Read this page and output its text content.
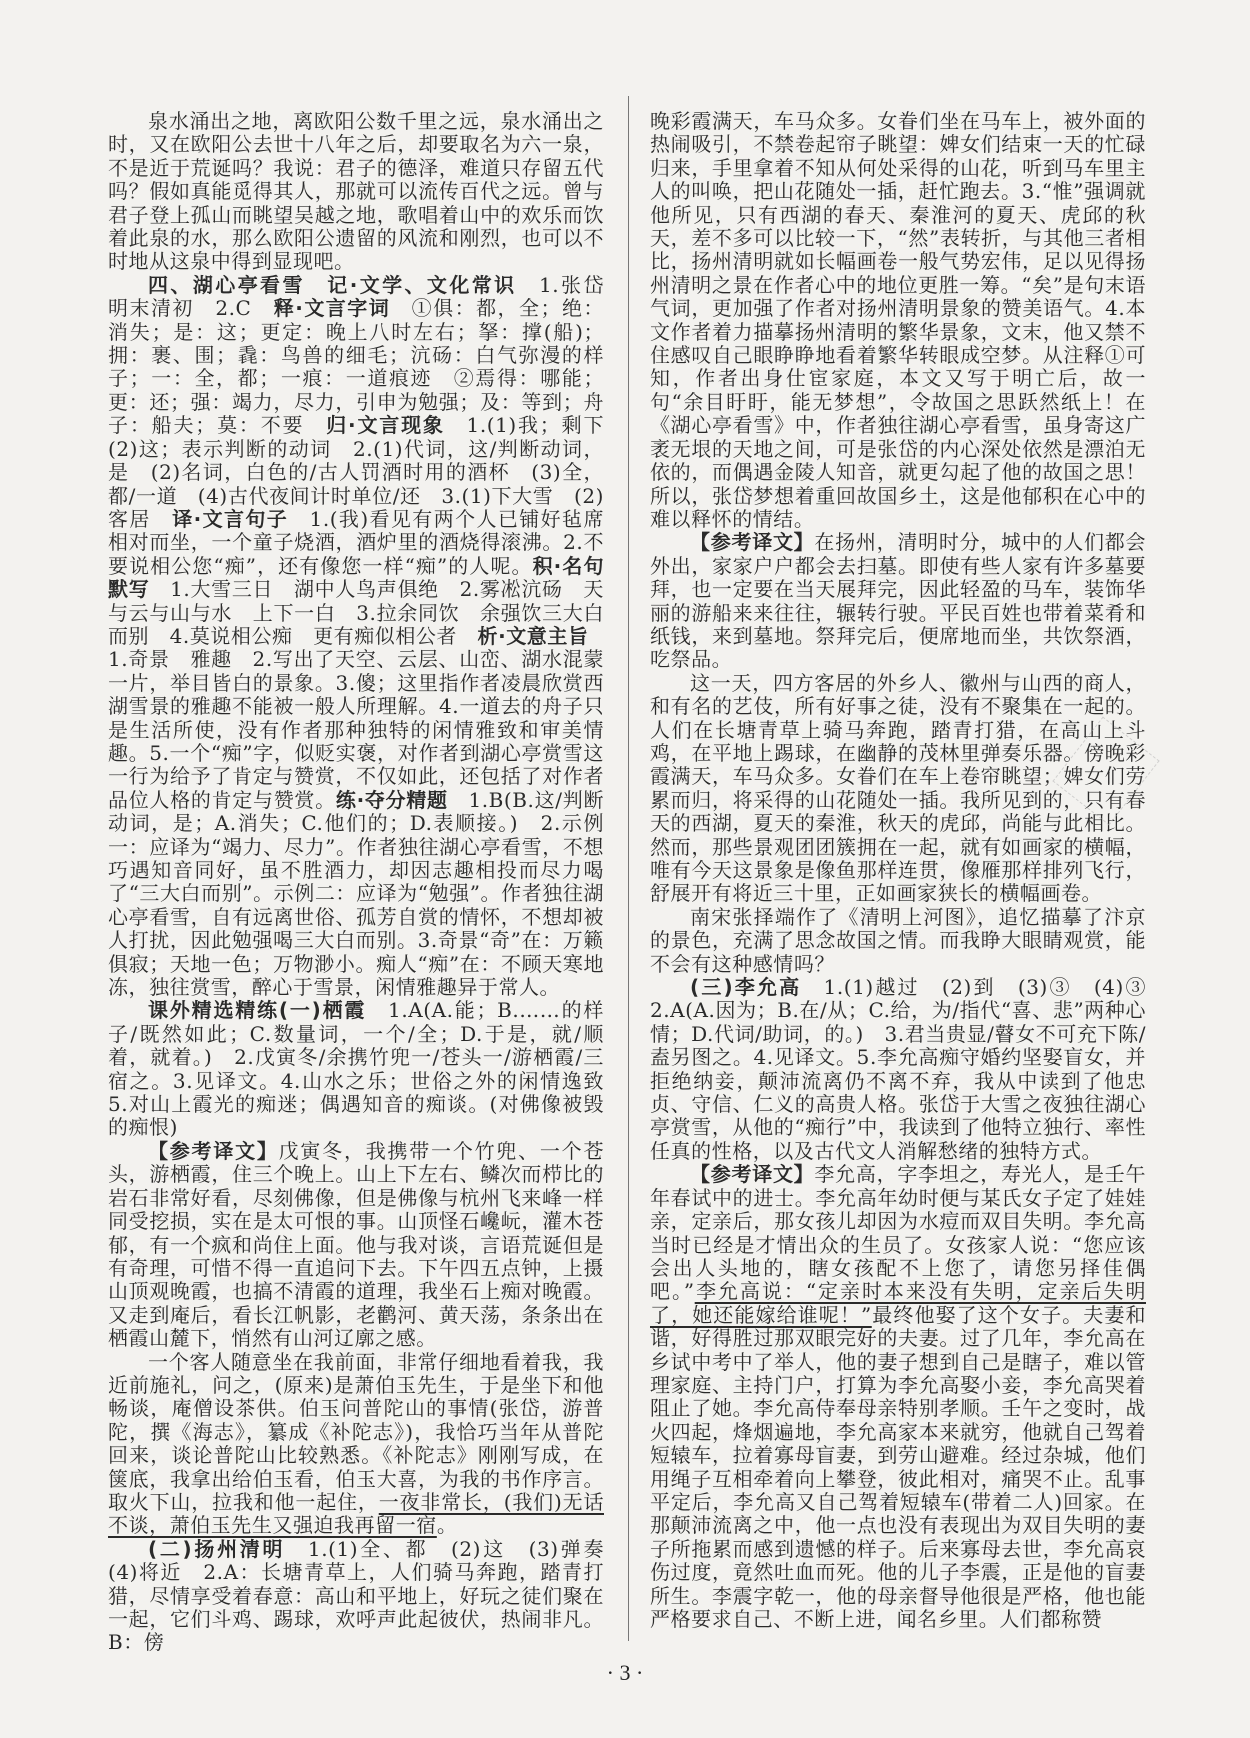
泉水涌出之地，离欧阳公数千里之远，泉水涌出之时，又在欧阳公去世十八年之后，却要取名为六一泉，不是近于荒诞吗？我说：君子的德泽，难道只存留五代吗？假如真能觅得其人，那就可以流传百代之远。曾与君子登上孤山而眺望吴越之地，歌唱着山中的欢乐而饮着此泉的水，那么欧阳公遗留的风流和刚烈，也可以不时地从这泉中得到显现吧。

四、湖心亭看雪　记·文学、文化常识　1.张岱　明末清初　2.C　释·文言字词　①俱：都，全；绝：消失；是：这；更定：晚上八时左右；拏：撑(船)；拥：裹、围；毳：鸟兽的细毛；沆砀：白气弥漫的样子；一：全，都；一痕：一道痕迹　②焉得：哪能；更：还；强：竭力，尽力，引申为勉强；及：等到；舟子：船夫；莫：不要　归·文言现象　1.(1)我；剩下　(2)这；表示判断的动词　2.(1)代词，这/判断动词，是　(2)名词，白色的/古人罚酒时用的酒杯　(3)全，都/一道　(4)古代夜间计时单位/还　3.(1)下大雪　(2)客居　译·文言句子　1.(我)看见有两个人已铺好毡席相对而坐，一个童子烧酒，酒炉里的酒烧得滚沸。2.不要说相公您“痴”，还有像您一样“痴”的人呢。积·名句默写　1.大雪三日　湖中人鸟声俱绝　2.雾凇沆砀　天与云与山与水　上下一白　3.拉余同饮　余强饮三大白而别　4.莫说相公痴　更有痴似相公者　析·文意主旨　1.奇景　雅趣　2.写出了天空、云层、山峦、湖水混蒙一片，举目皆白的景象。3.傻；这里指作者凌晨欣赏西湖雪景的雅趣不能被一般人所理解。4.一道去的舟子只是生活所使，没有作者那种独特的闲情雅致和审美情趣。5.一个“痴”字，似贬实褒，对作者到湖心亭赏雪这一行为给予了肯定与赞赏，不仅如此，还包括了对作者品位人格的肯定与赞赏。练·夺分精题　1.B(B.这/判断动词，是；A.消失；C.他们的；D.表顺接。)　2.示例一：应译为“竭力、尽力”。作者独往湖心亭看雪，不想巧遇知音同好，虽不胜酒力，却因志趣相投而尽力喝了“三大白而别”。示例二：应译为“勉强”。作者独往湖心亭看雪，自有远离世俗、孤芳自赏的情怀，不想却被人打扰，因此勉强喝三大白而别。3.奇景“奇”在：万籁俱寂；天地一色；万物渺小。痴人“痴”在：不顾天寒地冻，独往赏雪，醉心于雪景，闲情雅趣异于常人。

课外精选精练(一)栖霞　1.A(A.能；B.……的样子/既然如此；C.数量词，一个/全；D.于是，就/顺着，就着。)　2.戊寅冬/余携竹兜一/苍头一/游栖霞/三宿之。3.见译文。4.山水之乐；世俗之外的闲情逸致　5.对山上霞光的痴迷；偶遇知音的痴谈。(对佛像被毁的痴恨)

【参考译文】戊寅冬，我携带一个竹兜、一个苍头，游栖霞，住三个晚上。山上下左右、鳞次而栉比的岩石非常好看，尽刻佛像，但是佛像与杭州飞来峰一样同受挖损，实在是太可恨的事。山顶怪石巉岏，灌木苍郁，有一个疯和尚住上面。他与我对谈，言语荒诞但是有奇理，可惜不得一直追问下去。下午四五点钟，上摄山顶观晚霞，也搞不清霞的道理，我坐石上痴对晚霞。又走到庵后，看长江帆影，老鹳河、黄天荡，条条出在栖霞山麓下，悄然有山河辽廓之感。

一个客人随意坐在我前面，非常仔细地看着我，我近前施礼，问之，(原来)是萧伯玉先生，于是坐下和他畅谈，庵僧设茶供。伯玉问普陀山的事情(张岱，游普陀，撰《海志》，纂成《补陀志》)，我恰巧当年从普陀回来，谈论普陀山比较熟悉。《补陀志》刚刚写成，在箧底，我拿出给伯玉看，伯玉大喜，为我的书作序言。取火下山，拉我和他一起住，一夜非常长，(我们)无话不谈，萧伯玉先生又强迫我再留一宿。

(二)扬州清明　1.(1)全、都　(2)这　(3)弹奏　(4)将近　2.A：长塘青草上，人们骑马奔跑，踏青打猎，尽情享受着春意：高山和平地上，好玩之徒们聚在一起，它们斗鸡、踢球，欢呼声此起彼伏，热闹非凡。B：傍

晚彩霞满天，车马众多。女眷们坐在马车上，被外面的热闹吸引，不禁卷起帘子眺望：婢女们结束一天的忙碌归来，手里拿着不知从何处采得的山花，听到马车里主人的叫唤，把山花随处一插，赶忙跑去。3.“惟”强调就他所见，只有西湖的春天、秦淮河的夏天、虎邱的秋天，差不多可以比较一下，“然”表转折，与其他三者相比，扬州清明就如长幅画卷一般气势宏伟，足以见得扬州清明之景在作者心中的地位更胜一筹。“矣”是句末语气词，更加强了作者对扬州清明景象的赞美语气。4.本文作者着力描摹扬州清明的繁华景象，文末，他又禁不住感叹自己眼睁睁地看着繁华转眼成空梦。从注释①可知，作者出身仕宦家庭，本文又写于明亡后，故一句“余目盱盱，能无梦想”，令故国之思跃然纸上！在《湖心亭看雪》中，作者独往湖心亭看雪，虽身寄这广袤无垠的天地之间，可是张岱的内心深处依然是漂泊无依的，而偶遇金陵人知音，就更勾起了他的故国之思！所以，张岱梦想着重回故国乡土，这是他郁积在心中的难以释怀的情结。

【参考译文】在扬州，清明时分，城中的人们都会外出，家家户户都会去扫墓。即使有些人家有许多墓要拜，也一定要在当天展拜完，因此轻盈的马车，装饰华丽的游船来来往往，辗转行驶。平民百姓也带着菜肴和纸钱，来到墓地。祭拜完后，便席地而坐，共饮祭酒，吃祭品。

这一天，四方客居的外乡人、徽州与山西的商人，和有名的艺伎，所有好事之徒，没有不聚集在一起的。人们在长塘青草上骑马奔跑，踏青打猎，在高山上斗鸡，在平地上踢球，在幽静的茂林里弹奏乐器。傍晚彩霞满天，车马众多。女眷们在车上卷帘眺望；婢女们劳累而归，将采得的山花随处一插。我所见到的，只有春天的西湖，夏天的秦淮，秋天的虎邱，尚能与此相比。然而，那些景观团团簇拥在一起，就有如画家的横幅，唯有今天这景象是像鱼那样连贯，像雁那样排列飞行，舒展开有将近三十里，正如画家狭长的横幅画卷。

南宋张择端作了《清明上河图》，追忆描摹了汴京的景色，充满了思念故国之情。而我睁大眼睛观赏，能不会有这种感情吗？

(三)李允高　1.(1)越过　(2)到　(3)③　(4)③　2.A(A.因为；B.在/从；C.给，为/指代“喜、悲”两种心情；D.代词/助词，的。)　3.君当贵显/瞽女不可充下陈/盍另图之。4.见译文。5.李允高痴守婚约坚娶盲女，并拒绝纳妾，颠沛流离仍不离不弃，我从中读到了他忠贞、守信、仁义的高贵人格。张岱于大雪之夜独往湖心亭赏雪，从他的“痴行”中，我读到了他特立独行、率性任真的性格，以及古代文人消解愁绪的独特方式。

【参考译文】李允高，字李坦之，寿光人，是壬午年春试中的进士。李允高年幼时便与某氏女子定了娃娃亲，定亲后，那女孩儿却因为水痘而双目失明。李允高当时已经是才情出众的生员了。女孩家人说：“您应该会出人头地的，瞎女孩配不上您了，请您另择佳偶吧。”李允高说：“定亲时本来没有失明，定亲后失明了，她还能嫁给谁呢！”最终他娶了这个女子。夫妻和谐，好得胜过那双眼完好的夫妻。过了几年，李允高在乡试中考中了举人，他的妻子想到自己是瞎子，难以管理家庭、主持门户，打算为李允高娶小妾，李允高哭着阻止了她。李允高侍奉母亲特别孝顺。壬午之变时，战火四起，烽烟遍地，李允高家本来就穷，他就自己驾着短辕车，拉着寡母盲妻，到劳山避难。经过杂城，他们用绳子互相牵着向上攀登，彼此相对，痛哭不止。乱事平定后，李允高又自己驾着短辕车(带着二人)回家。在那颠沛流离之中，他一点也没有表现出为双目失明的妻子所拖累而感到遗憾的样子。后来寡母去世，李允高哀伤过度，竟然吐血而死。他的儿子李震，正是他的盲妻所生。李震字乾一，他的母亲督导他很是严格，他也能严格要求自己、不断上进，闻名乡里。人们都称赞

· 3 ·
